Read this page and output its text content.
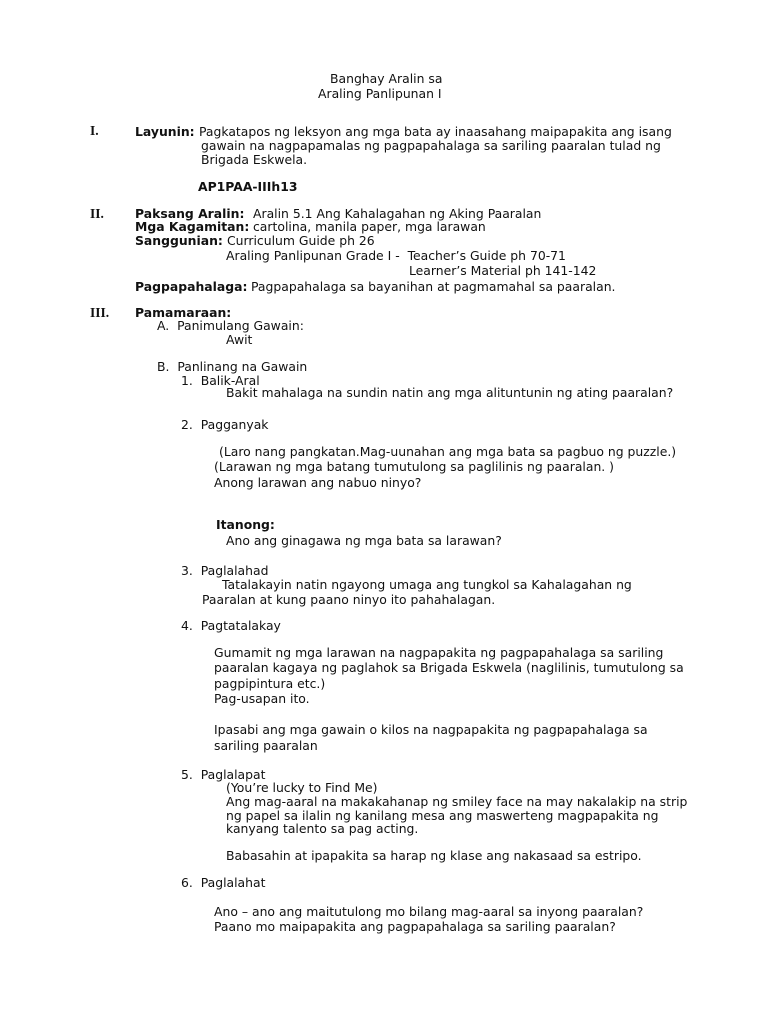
Banghay Aralin sa
Araling Panlipunan I
I.	Layunin: Pagkatapos ng leksyon ang mga bata ay inaasahang maipapakita ang isang
gawain na nagpapamalas ng pagpapahalaga sa sariling paaralan tulad ng
Brigada Eskwela.
AP1PAA-IIIh13
II.	Paksang Aralin: Aralin 5.1 Ang Kahalagahan ng Aking Paaralan
Mga Kagamitan: cartolina, manila paper, mga larawan
Sanggunian: Curriculum Guide ph 26
Araling Panlipunan Grade I -  Teacher’s Guide ph 70-71
Learner’s Material ph 141-142
Pagpapahalaga: Pagpapahalaga sa bayanihan at pagmamahal sa paaralan.
III. Pamamaraan:
A.  Panimulang Gawain:
Awit
B.  Panlinang na Gawain
1.  Balik-Aral
Bakit mahalaga na sundin natin ang mga alituntunin ng ating paaralan?
2.  Pagganyak
(Laro nang pangkatan.Mag-uunahan ang mga bata sa pagbuo ng puzzle.)
(Larawan ng mga batang tumutulong sa paglilinis ng paaralan. )
Anong larawan ang nabuo ninyo?
Itanong:
Ano ang ginagawa ng mga bata sa larawan?
3.  Paglalahad
Tatalakayin natin ngayong umaga ang tungkol sa Kahalagahan ng
Paaralan at kung paano ninyo ito pahahalagan.
4.  Pagtatalakay
Gumamit ng mga larawan na nagpapakita ng pagpapahalaga sa sariling
paaralan kagaya ng paglahok sa Brigada Eskwela (naglilinis, tumutulong sa
pagpipintura etc.)
Pag-usapan ito.
Ipasabi ang mga gawain o kilos na nagpapakita ng pagpapahalaga sa
sariling paaralan
5.  Paglalapat
(You’re lucky to Find Me)
Ang mag-aaral na makakahanap ng smiley face na may nakalakip na strip
ng papel sa ilalin ng kanilang mesa ang maswerteng magpapakita ng
kanyang talento sa pag acting.
Babasahin at ipapakita sa harap ng klase ang nakasaad sa estripo.
6.  Paglalahat
Ano – ano ang maitutulong mo bilang mag-aaral sa inyong paaralan?
Paano mo maipapakita ang pagpapahalaga sa sariling paaralan?
